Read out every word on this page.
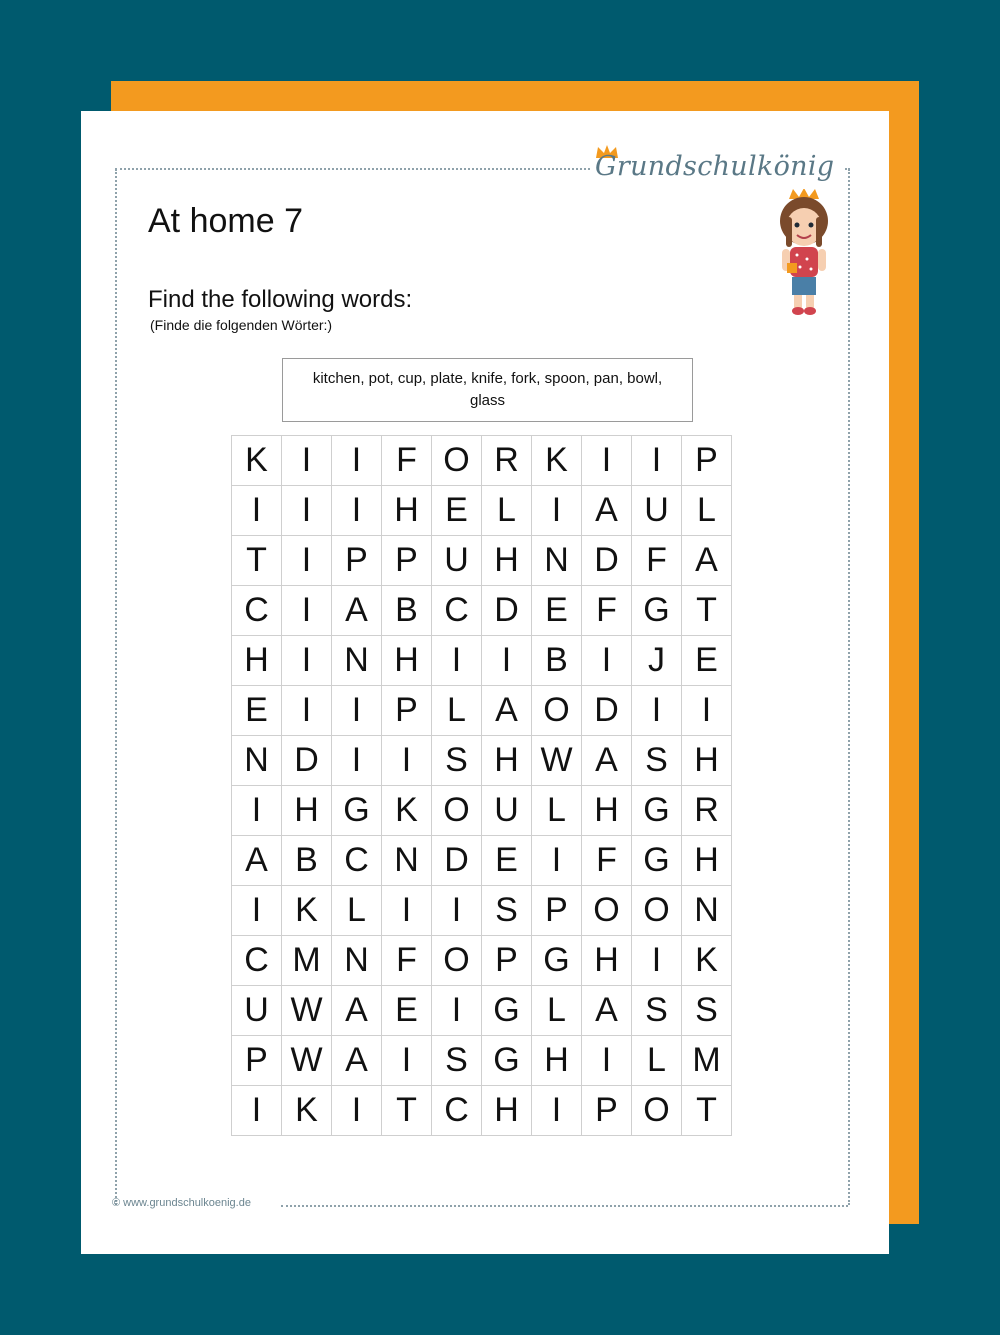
Grundschulkönig
At home 7
Find the following words:
(Finde die folgenden Wörter:)
kitchen, pot, cup, plate, knife, fork, spoon, pan, bowl, glass
K I	I	F O R K I	I P
I	I	I H E L	I A U L
T	I P P U H N D F A
C I A B C D E F G T
H I N H I	I B I	J E
E I	I P L A O D I	I
N D I	I S H W A S H
I H G K O U L H G R
A B C N D E I	F G H
I K L	I	I S P O O N
C M N F O P G H I K
U W A E I G L A S S
P W A I S G H I	L M
I K I	T C H I P O T
© www.grundschulkoenig.de
